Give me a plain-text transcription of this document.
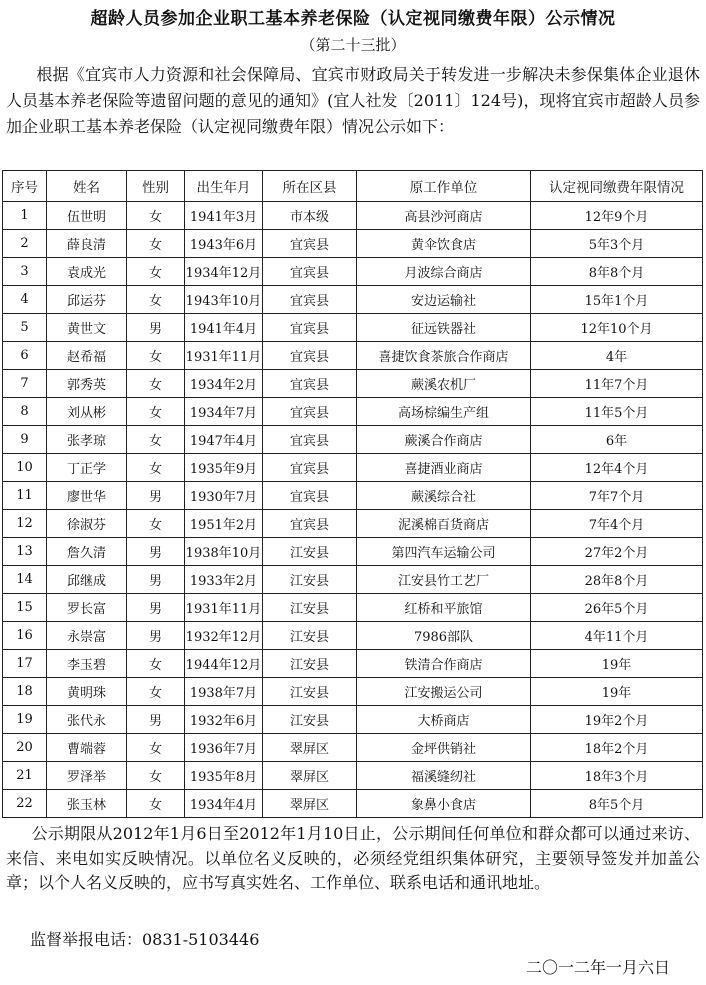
超龄人员参加企业职工基本养老保险（认定视同缴费年限）公示情况
（第二十三批）
根据《宜宾市人力资源和社会保障局、宜宾市财政局关于转发进一步解决未参保集体企业退休人员基本养老保险等遗留问题的意见的通知》(宜人社发〔2011〕124号)，现将宜宾市超龄人员参加企业职工基本养老保险（认定视同缴费年限）情况公示如下：
序号	姓名	性别	出生年月	所在区县	原工作单位	认定视同缴费年限情况
1	伍世明	女	1941年3月	市本级	高县沙河商店	12年9个月
2	薛良清	女	1943年6月	宜宾县	黄伞饮食店	5年3个月
3	袁成光	女	1934年12月	宜宾县	月波综合商店	8年8个月
4	邱运芬	女	1943年10月	宜宾县	安边运输社	15年1个月
5	黄世文	男	1941年4月	宜宾县	征远铁器社	12年10个月
6	赵希福	女	1931年11月	宜宾县	喜捷饮食茶旅合作商店	4年
7	郭秀英	女	1934年2月	宜宾县	蕨溪农机厂	11年7个月
8	刘从彬	女	1934年7月	宜宾县	高场棕编生产组	11年5个月
9	张孝琼	女	1947年4月	宜宾县	蕨溪合作商店	6年
10	丁正学	女	1935年9月	宜宾县	喜捷酒业商店	12年4个月
11	廖世华	男	1930年7月	宜宾县	蕨溪综合社	7年7个月
12	徐淑芬	女	1951年2月	宜宾县	泥溪棉百货商店	7年4个月
13	詹久清	男	1938年10月	江安县	第四汽车运输公司	27年2个月
14	邱继成	男	1933年2月	江安县	江安县竹工艺厂	28年8个月
15	罗长富	男	1931年11月	江安县	红桥和平旅馆	26年5个月
16	永崇富	男	1932年12月	江安县	7986部队	4年11个月
17	李玉碧	女	1944年12月	江安县	铁清合作商店	19年
18	黄明珠	女	1938年7月	江安县	江安搬运公司	19年
19	张代永	男	1932年6月	江安县	大桥商店	19年2个月
20	曹端蓉	女	1936年7月	翠屏区	金坪供销社	18年2个月
21	罗泽举	女	1935年8月	翠屏区	福溪缝纫社	18年3个月
22	张玉林	女	1934年4月	翠屏区	象鼻小食店	8年5个月
公示期限从2012年1月6日至2012年1月10日止，公示期间任何单位和群众都可以通过来访、来信、来电如实反映情况。以单位名义反映的，必须经党组织集体研究，主要领导签发并加盖公章；以个人名义反映的，应书写真实姓名、工作单位、联系电话和通讯地址。
监督举报电话：0831-5103446
二〇一二年一月六日
